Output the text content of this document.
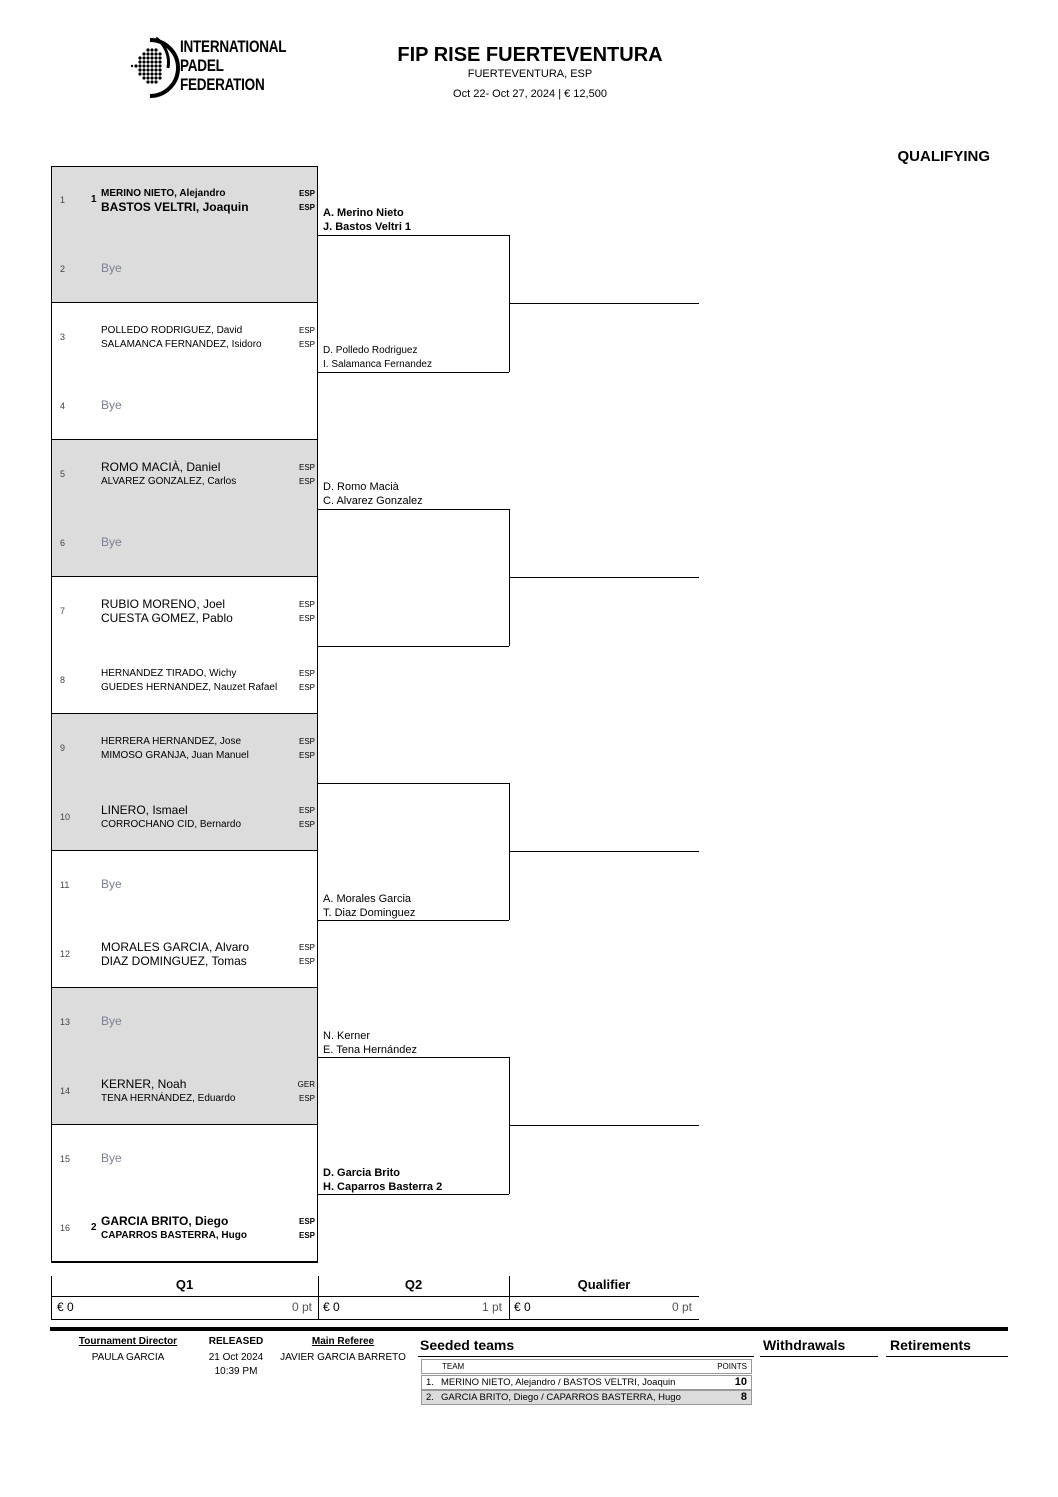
INTERNATIONAL
PADEL
FEDERATION
FIP RISE FUERTEVENTURA
FUERTEVENTURA, ESP
Oct 22- Oct 27, 2024 | € 12,500
QUALIFYING
1	1
MERINO NIETO, Alejandro	ESP
BASTOS VELTRI, Joaquin	ESP
2	Bye
3
POLLEDO RODRIGUEZ, David	ESP
SALAMANCA FERNANDEZ, Isidoro	ESP
4	Bye
5	ROMO MACIÀ, Daniel	ESP
ALVAREZ GONZALEZ, Carlos	ESP
6	Bye
7	RUBIO MORENO, Joel	ESP
CUESTA GOMEZ, Pablo	ESP
8
HERNANDEZ TIRADO, Wichy	ESP
GUEDES HERNANDEZ, Nauzet Rafael	ESP
9
HERRERA HERNANDEZ, Jose	ESP
MIMOSO GRANJA, Juan Manuel	ESP
10	LINERO, Ismael	ESP
CORROCHANO CID, Bernardo	ESP
11	Bye
12	MORALES GARCIA, Alvaro	ESP
DIAZ DOMINGUEZ, Tomas	ESP
13	Bye
14	KERNER, Noah	GER
TENA HERNÁNDEZ, Eduardo	ESP
15	Bye
16 2 GARCIA BRITO, Diego	ESP
CAPARROS BASTERRA, Hugo	ESP
A. Merino Nieto
J. Bastos Veltri 1
D. Polledo Rodriguez
I. Salamanca Fernandez
D. Romo Macià
C. Alvarez Gonzalez
A. Morales Garcia
T. Diaz Dominguez
N. Kerner
E. Tena Hernández
D. Garcia Brito
H. Caparros Basterra 2
Q1	Q2	Qualifier
€ 0	0 pt € 0	1 pt € 0	0 pt
Tournament Director
PAULA GARCIA
RELEASED
21 Oct 2024
10:39 PM
Main Referee
JAVIER GARCIA BARRETO
Seeded teams
TEAM	POINTS
1. MERINO NIETO, Alejandro / BASTOS VELTRI, Joaquin	10
2. GARCIA BRITO, Diego / CAPARROS BASTERRA, Hugo	8
Withdrawals	Retirements
